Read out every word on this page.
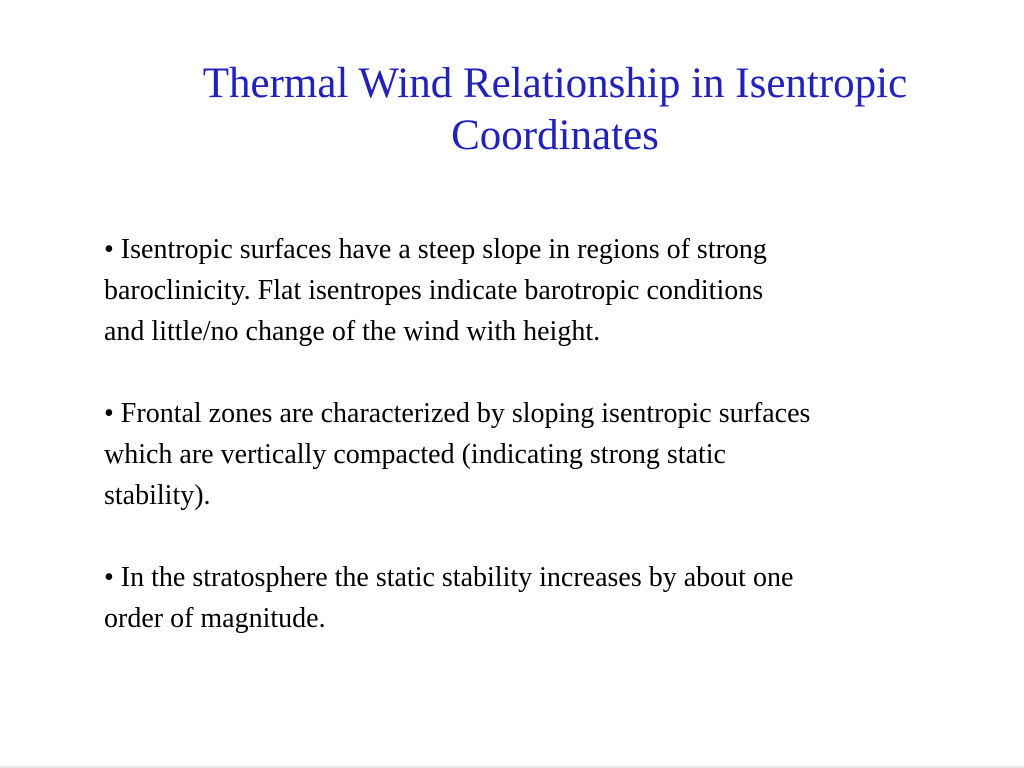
Thermal Wind Relationship in Isentropic
Coordinates

• Isentropic surfaces have a steep slope in regions of strong
baroclinicity. Flat isentropes indicate barotropic conditions
and little/no change of the wind with height.

• Frontal zones are characterized by sloping isentropic surfaces
which are vertically compacted (indicating strong static
stability).

• In the stratosphere the static stability increases by about one
order of magnitude.
